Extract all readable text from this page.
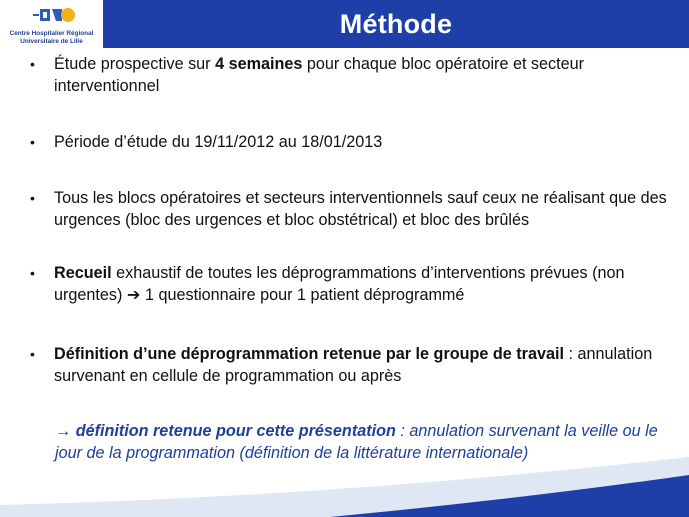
Centre Hospitalier Régional
Universitaire de Lille
Méthode
•	Étude prospective sur 4 semaines pour chaque bloc opératoire et secteur interventionnel
•	Période d’étude du 19/11/2012 au 18/01/2013
•	Tous les blocs opératoires et secteurs interventionnels sauf ceux ne réalisant que des urgences (bloc des urgences et bloc obstétrical) et bloc des brûlés
•	Recueil exhaustif de toutes les déprogrammations d’interventions prévues (non urgentes) ➔ 1 questionnaire pour 1 patient déprogrammé
•	Définition d’une déprogrammation retenue par le groupe de travail : annulation survenant en cellule de programmation ou après
→ définition retenue pour cette présentation : annulation survenant la veille ou le jour de la programmation (définition de la littérature internationale)
